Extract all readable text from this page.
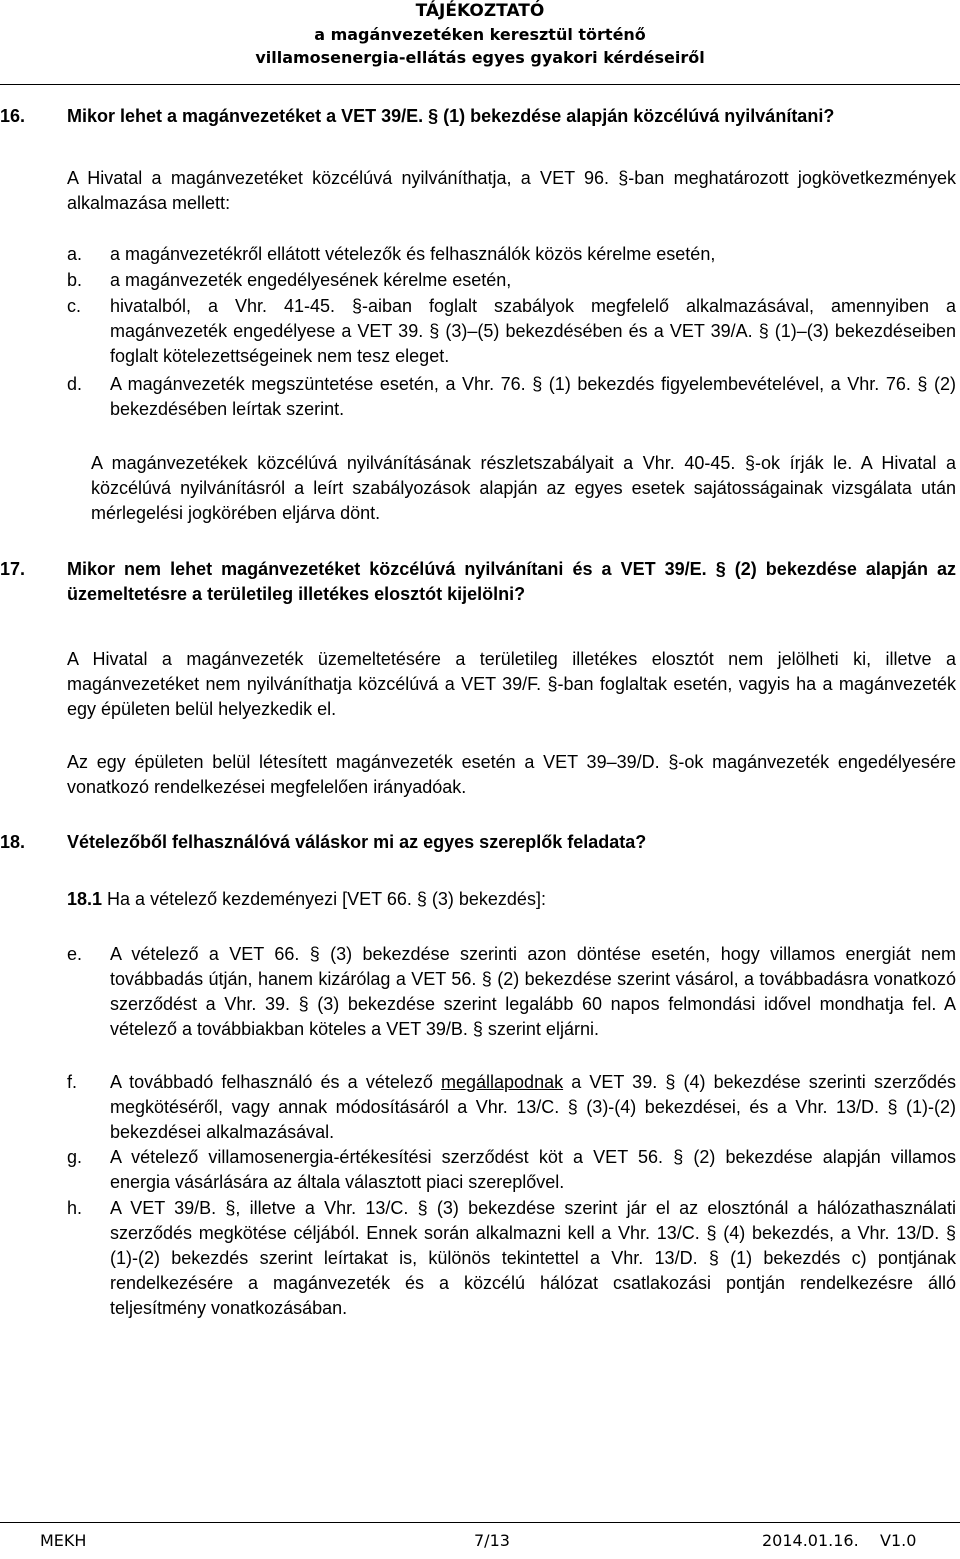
TÁJÉKOZTATÓ
a magánvezetéken keresztül történő
villamosenergia-ellátás egyes gyakori kérdéseiről
16. Mikor lehet a magánvezetéket a VET 39/E. § (1) bekezdése alapján közcélúvá nyilvánítani?
A Hivatal a magánvezetéket közcélúvá nyilváníthatja, a VET 96. §-ban meghatározott jogkövetkezmények alkalmazása mellett:
a. a magánvezetékről ellátott vételezők és felhasználók közös kérelme esetén,
b. a magánvezeték engedélyesének kérelme esetén,
c. hivatalból, a Vhr. 41-45. §-aiban foglalt szabályok megfelelő alkalmazásával, amennyiben a magánvezeték engedélyese a VET 39. § (3)–(5) bekezdésében és a VET 39/A. § (1)–(3) bekezdéseiben foglalt kötelezettségeinek nem tesz eleget.
d. A magánvezeték megszüntetése esetén, a Vhr. 76. § (1) bekezdés figyelembevételével, a Vhr. 76. § (2) bekezdésében leírtak szerint.
A magánvezetékek közcélúvá nyilvánításának részletszabályait a Vhr. 40-45. §-ok írják le. A Hivatal a közcélúvá nyilvánításról a leírt szabályozások alapján az egyes esetek sajátosságainak vizsgálata után mérlegelési jogkörében eljárva dönt.
17. Mikor nem lehet magánvezetéket közcélúvá nyilvánítani és a VET 39/E. § (2) bekezdése alapján az üzemeltetésre a területileg illetékes elosztót kijelölni?
A Hivatal a magánvezeték üzemeltetésére a területileg illetékes elosztót nem jelölheti ki, illetve a magánvezetéket nem nyilváníthatja közcélúvá a VET 39/F. §-ban foglaltak esetén, vagyis ha a magánvezeték egy épületen belül helyezkedik el.
Az egy épületen belül létesített magánvezeték esetén a VET 39–39/D. §-ok magánvezeték engedélyesére vonatkozó rendelkezései megfelelően irányadóak.
18. Vételezőből felhasználóvá váláskor mi az egyes szereplők feladata?
18.1 Ha a vételező kezdeményezi [VET 66. § (3) bekezdés]:
e. A vételező a VET 66. § (3) bekezdése szerinti azon döntése esetén, hogy villamos energiát nem továbbadás útján, hanem kizárólag a VET 56. § (2) bekezdése szerint vásárol, a továbbadásra vonatkozó szerződést a Vhr. 39. § (3) bekezdése szerint legalább 60 napos felmondási idővel mondhatja fel. A vételező a továbbiakban köteles a VET 39/B. § szerint eljárni.
f. A továbbadó felhasználó és a vételező megállapodnak a VET 39. § (4) bekezdése szerinti szerződés megkötéséről, vagy annak módosításáról a Vhr. 13/C. § (3)-(4) bekezdései, és a Vhr. 13/D. § (1)-(2) bekezdései alkalmazásával.
g. A vételező villamosenergia-értékesítési szerződést köt a VET 56. § (2) bekezdése alapján villamos energia vásárlására az általa választott piaci szereplővel.
h. A VET 39/B. §, illetve a Vhr. 13/C. § (3) bekezdése szerint jár el az elosztónál a hálózathasználati szerződés megkötése céljából. Ennek során alkalmazni kell a Vhr. 13/C. § (4) bekezdés, a Vhr. 13/D. § (1)-(2) bekezdés szerint leírtakat is, különös tekintettel a Vhr. 13/D. § (1) bekezdés c) pontjának rendelkezésére a magánvezeték és a közcélú hálózat csatlakozási pontján rendelkezésre álló teljesítmény vonatkozásában.
MEKH	7/13	2014.01.16. V1.0
